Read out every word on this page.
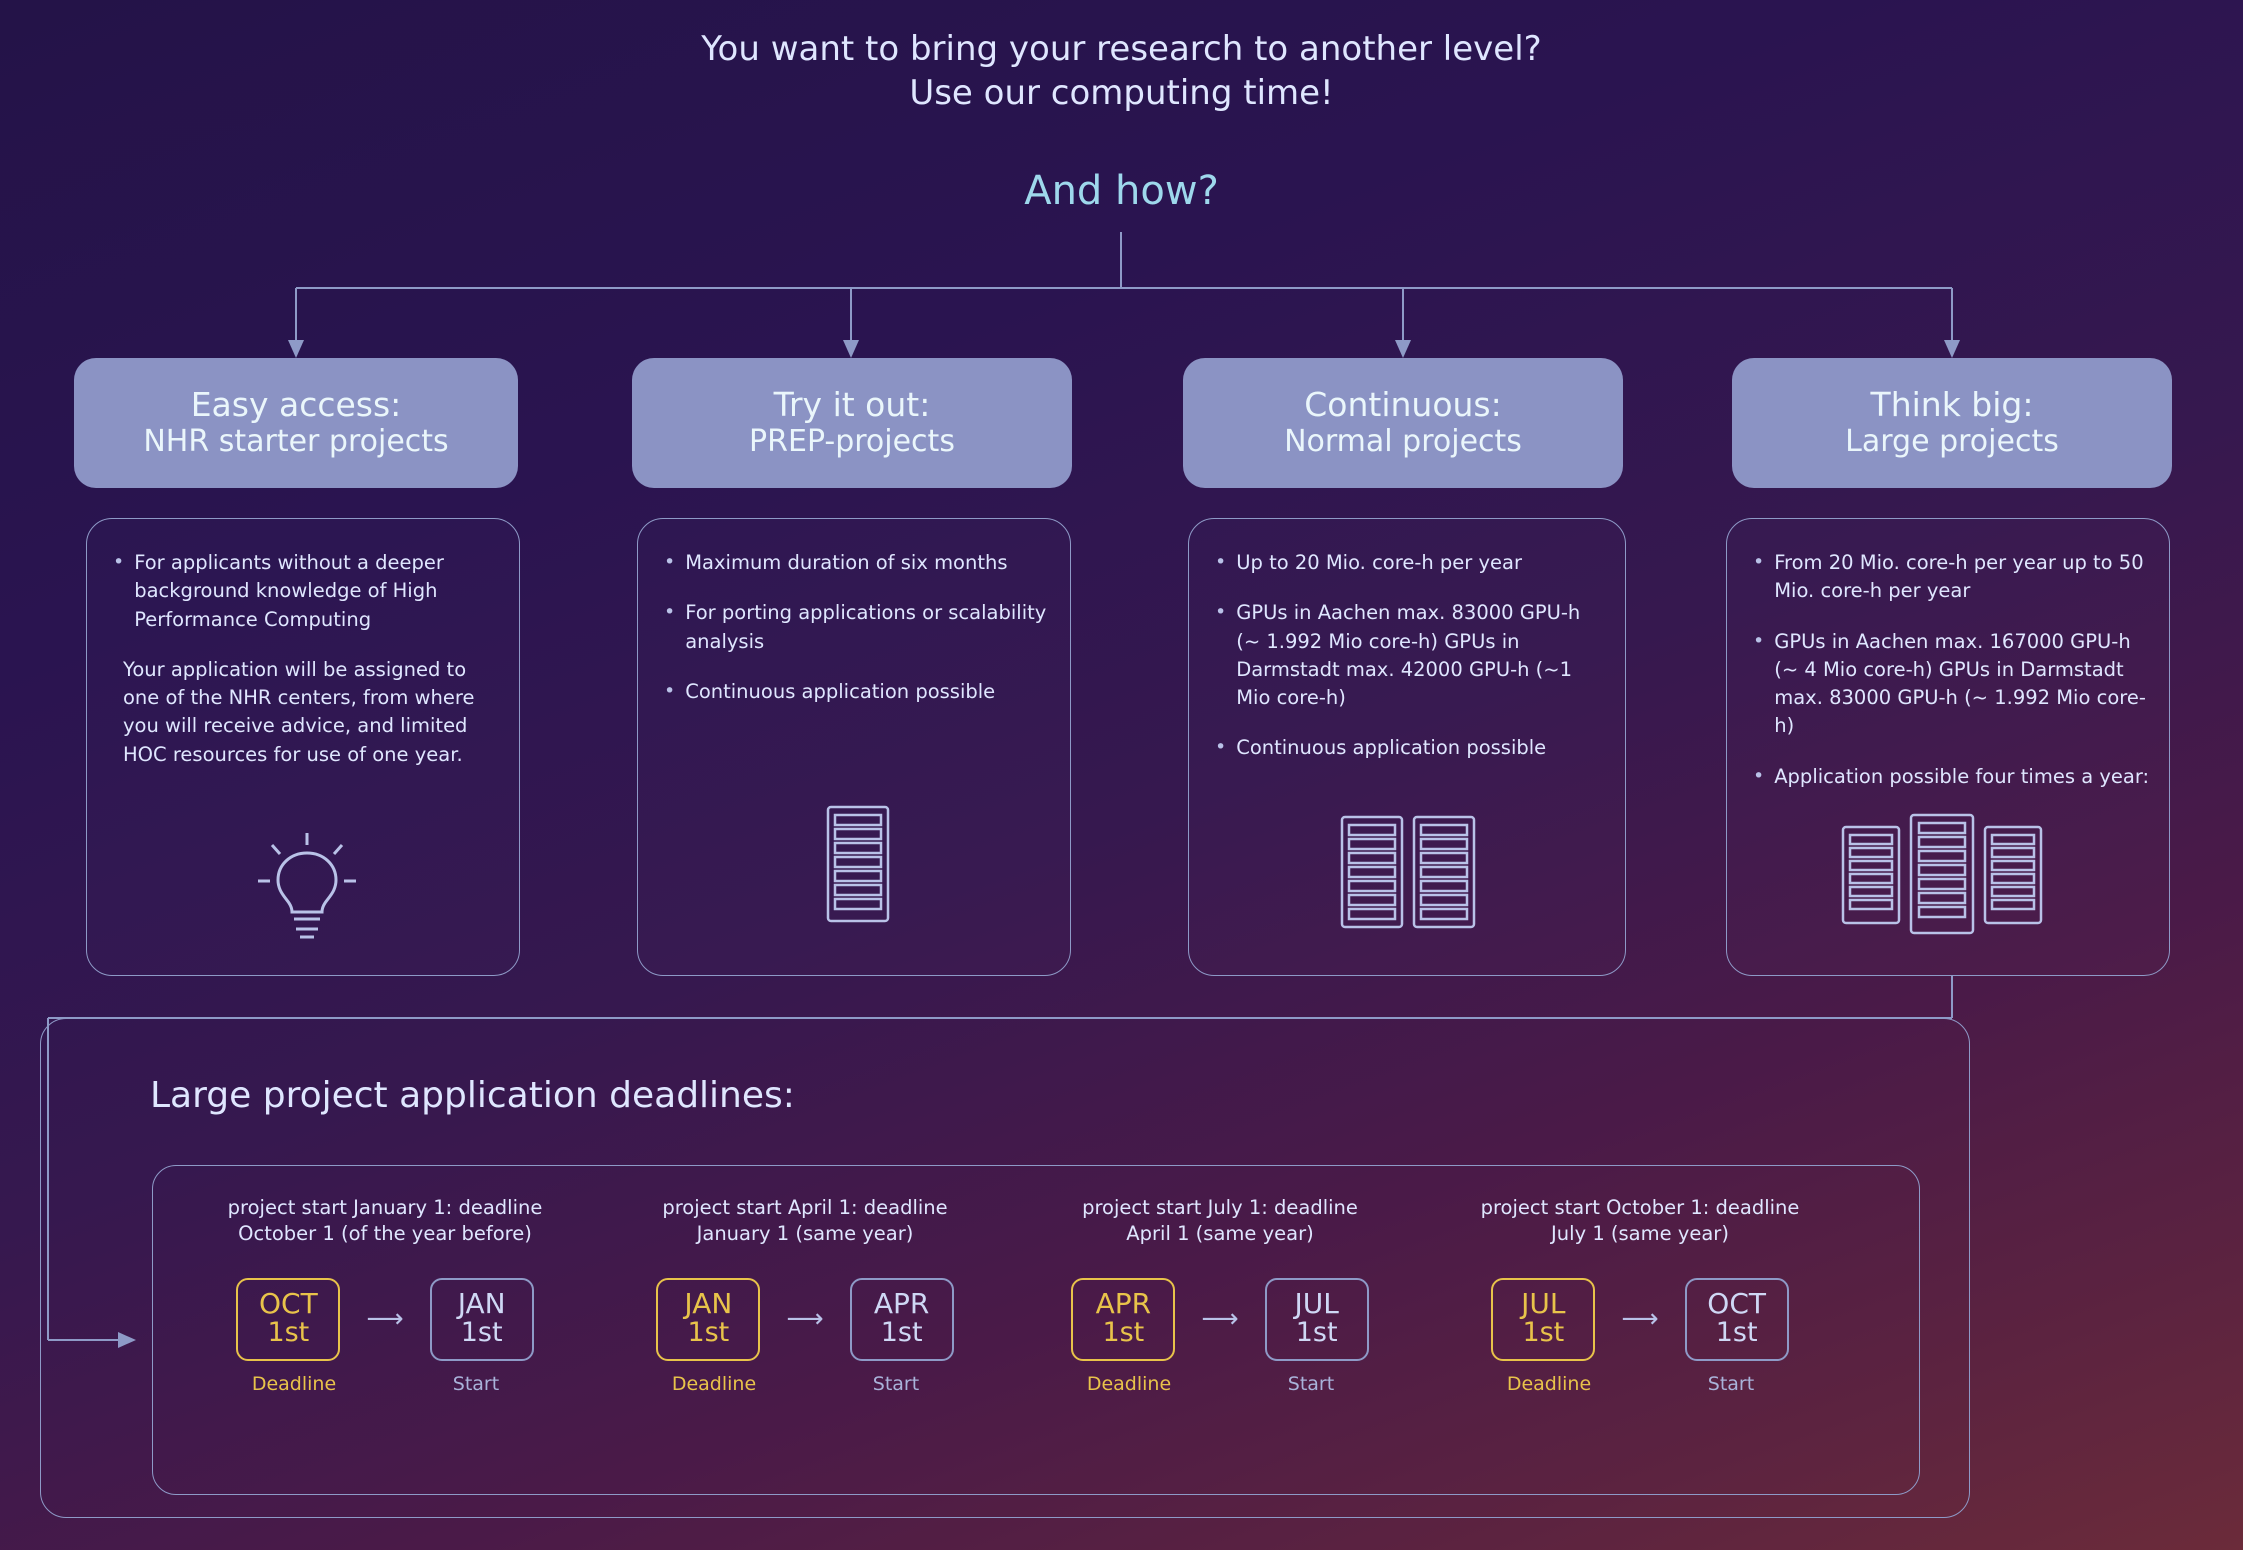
You want to bring your research to another level?
Use our computing time!
And how?
Easy access:
NHR starter projects
• For applicants without a deeper background knowledge of High Performance Computing
Your application will be assigned to one of the NHR centers, from where you will receive advice, and limited HOC resources for use of one year.
Try it out:
PREP-projects
• Maximum duration of six months
• For porting applications or scalability analysis
• Continuous application possible
Continuous:
Normal projects
• Up to 20 Mio. core-h per year
• GPUs in Aachen max. 83000 GPU-h (~ 1.992 Mio core-h) GPUs in Darmstadt max. 42000 GPU-h (~1 Mio core-h)
• Continuous application possible
Think big:
Large projects
• From 20 Mio. core-h per year up to 50 Mio. core-h per year
• GPUs in Aachen max. 167000 GPU-h (~ 4 Mio core-h) GPUs in Darmstadt max. 83000 GPU-h (~ 1.992 Mio core-h)
• Application possible four times a year:
Large project application deadlines:
project start January 1: deadline
October 1 (of the year before)
OCT
1st	⟶	JAN
1st
Deadline	Start
project start April 1: deadline
January 1 (same year)
JAN
1st	⟶	APR
1st
Deadline	Start
project start July 1: deadline
April 1 (same year)
APR
1st	⟶	JUL
1st
Deadline	Start
project start October 1: deadline
July 1 (same year)
JUL
1st	⟶	OCT
1st
Deadline	Start
